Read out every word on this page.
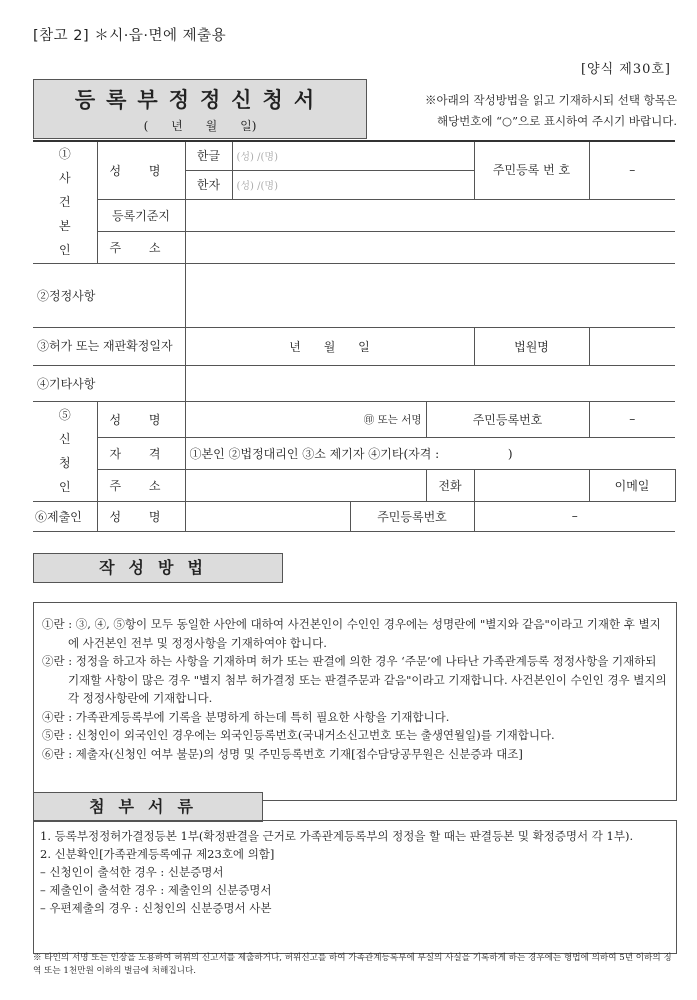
[참고 2] ＊시·읍·면에 제출용
[양식 제30호]
등록부정정신청서
(      년      월      일)
※아래의 작성방법을 읽고 기재하시되 선택 항목은
해당번호에 “○”으로 표시하여 주시기 바랍니다.
① 사 건 본 인	성 명	한글	(성) /(명)			주민등록 번 호	–	
		한자	(성) /(명)					
	등록기준지							
	주 소							
②정정사항								
③허가 또는 재판확정일자		년      월      일				법원명		
④기타사항								
⑤ 신 청 인	성 명	㊞ 또는 서명			주민등록번호		–	
	자 격	①본인 ②법정대리인 ③소 제기자 ④기타(자격 :                  )						
	주 소				전화		이메일	
⑥제출인	성 명			주민등록번호		–		
작성방법

①란 : ③, ④, ⑤항이 모두 동일한 사안에 대하여 사건본인이 수인인 경우에는 성명란에 "별지와 같음"이라고 기재한 후 별지에 사건본인 전부 및 정정사항을 기재하여야 합니다.

②란 : 정정을 하고자 하는 사항을 기재하며 허가 또는 판결에 의한 경우 ‘주문’에 나타난 가족관계등록 정정사항을 기재하되 기재할 사항이 많은 경우 "별지 첨부 허가결정 또는 판결주문과 같음"이라고 기재합니다. 사건본인이 수인인 경우 별지의 각 정정사항란에 기재합니다.

④란 : 가족관계등록부에 기록을 분명하게 하는데 특히 필요한 사항을 기재합니다.

⑤란 : 신청인이 외국인인 경우에는 외국인등록번호(국내거소신고번호 또는 출생연월일)를 기재합니다.

⑥란 : 제출자(신청인 여부 불문)의 성명 및 주민등록번호 기재[접수담당공무원은 신분증과 대조]

첨부서류

1. 등록부정정허가결정등본 1부(확정판결을 근거로 가족관계등록부의 정정을 할 때는 판결등본 및 확정증명서 각 1부).

2. 신분확인[가족관계등록예규 제23호에 의함]

– 신청인이 출석한 경우 : 신분증명서

– 제출인이 출석한 경우 : 제출인의 신분증명서

– 우편제출의 경우 : 신청인의 신분증명서 사본

※ 타인의 서명 또는 인장을 도용하여 허위의 신고서를 제출하거나, 허위신고를 하여 가족관계등록부에 부실의 사실을 기록하게 하는 경우에는 형법에 의하여 5년 이하의 징역 또는 1천만원 이하의 벌금에 처해집니다.
